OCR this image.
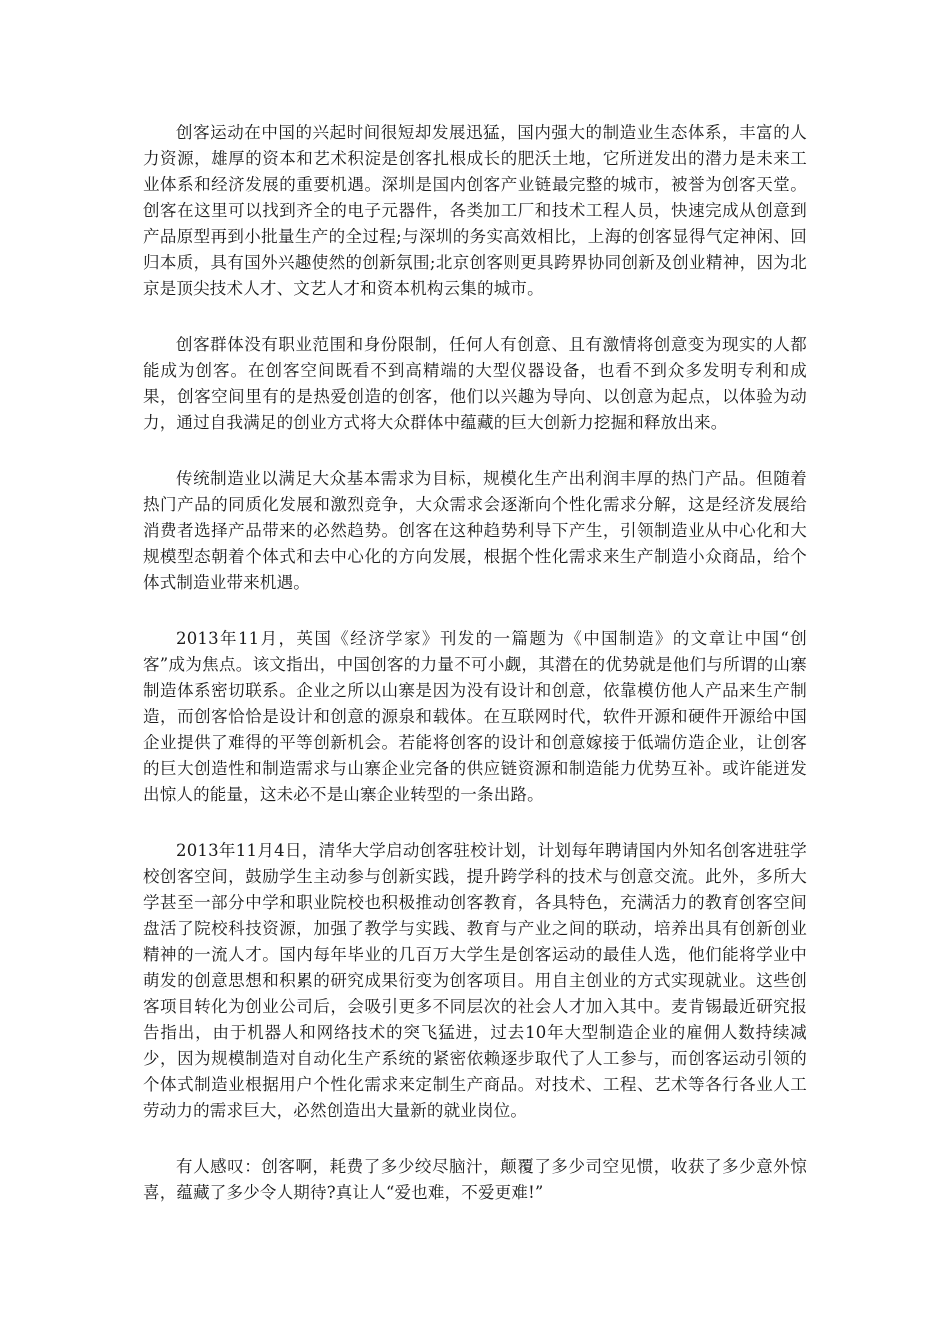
创客运动在中国的兴起时间很短却发展迅猛，国内强大的制造业生态体系，丰富的人力资源，雄厚的资本和艺术积淀是创客扎根成长的肥沃土地，它所迸发出的潜力是未来工业体系和经济发展的重要机遇。深圳是国内创客产业链最完整的城市，被誉为创客天堂。创客在这里可以找到齐全的电子元器件，各类加工厂和技术工程人员，快速完成从创意到产品原型再到小批量生产的全过程;与深圳的务实高效相比，上海的创客显得气定神闲、回归本质，具有国外兴趣使然的创新氛围;北京创客则更具跨界协同创新及创业精神，因为北京是顶尖技术人才、文艺人才和资本机构云集的城市。

创客群体没有职业范围和身份限制，任何人有创意、且有激情将创意变为现实的人都能成为创客。在创客空间既看不到高精端的大型仪器设备，也看不到众多发明专利和成果，创客空间里有的是热爱创造的创客，他们以兴趣为导向、以创意为起点，以体验为动力，通过自我满足的创业方式将大众群体中蕴藏的巨大创新力挖掘和释放出来。

传统制造业以满足大众基本需求为目标，规模化生产出利润丰厚的热门产品。但随着热门产品的同质化发展和激烈竞争，大众需求会逐渐向个性化需求分解，这是经济发展给消费者选择产品带来的必然趋势。创客在这种趋势利导下产生，引领制造业从中心化和大规模型态朝着个体式和去中心化的方向发展，根据个性化需求来生产制造小众商品，给个体式制造业带来机遇。

2013年11月，英国《经济学家》刊发的一篇题为《中国制造》的文章让中国“创客”成为焦点。该文指出，中国创客的力量不可小觑，其潜在的优势就是他们与所谓的山寨制造体系密切联系。企业之所以山寨是因为没有设计和创意，依靠模仿他人产品来生产制造，而创客恰恰是设计和创意的源泉和载体。在互联网时代，软件开源和硬件开源给中国企业提供了难得的平等创新机会。若能将创客的设计和创意嫁接于低端仿造企业，让创客的巨大创造性和制造需求与山寨企业完备的供应链资源和制造能力优势互补。或许能迸发出惊人的能量，这未必不是山寨企业转型的一条出路。

2013年11月4日，清华大学启动创客驻校计划，计划每年聘请国内外知名创客进驻学校创客空间，鼓励学生主动参与创新实践，提升跨学科的技术与创意交流。此外，多所大学甚至一部分中学和职业院校也积极推动创客教育，各具特色，充满活力的教育创客空间盘活了院校科技资源，加强了教学与实践、教育与产业之间的联动，培养出具有创新创业精神的一流人才。国内每年毕业的几百万大学生是创客运动的最佳人选，他们能将学业中萌发的创意思想和积累的研究成果衍变为创客项目。用自主创业的方式实现就业。这些创客项目转化为创业公司后，会吸引更多不同层次的社会人才加入其中。麦肯锡最近研究报告指出，由于机器人和网络技术的突飞猛进，过去10年大型制造企业的雇佣人数持续减少，因为规模制造对自动化生产系统的紧密依赖逐步取代了人工参与，而创客运动引领的个体式制造业根据用户个性化需求来定制生产商品。对技术、工程、艺术等各行各业人工劳动力的需求巨大，必然创造出大量新的就业岗位。

有人感叹：创客啊，耗费了多少绞尽脑汁，颠覆了多少司空见惯，收获了多少意外惊喜，蕴藏了多少令人期待?真让人“爱也难，不爱更难!”
